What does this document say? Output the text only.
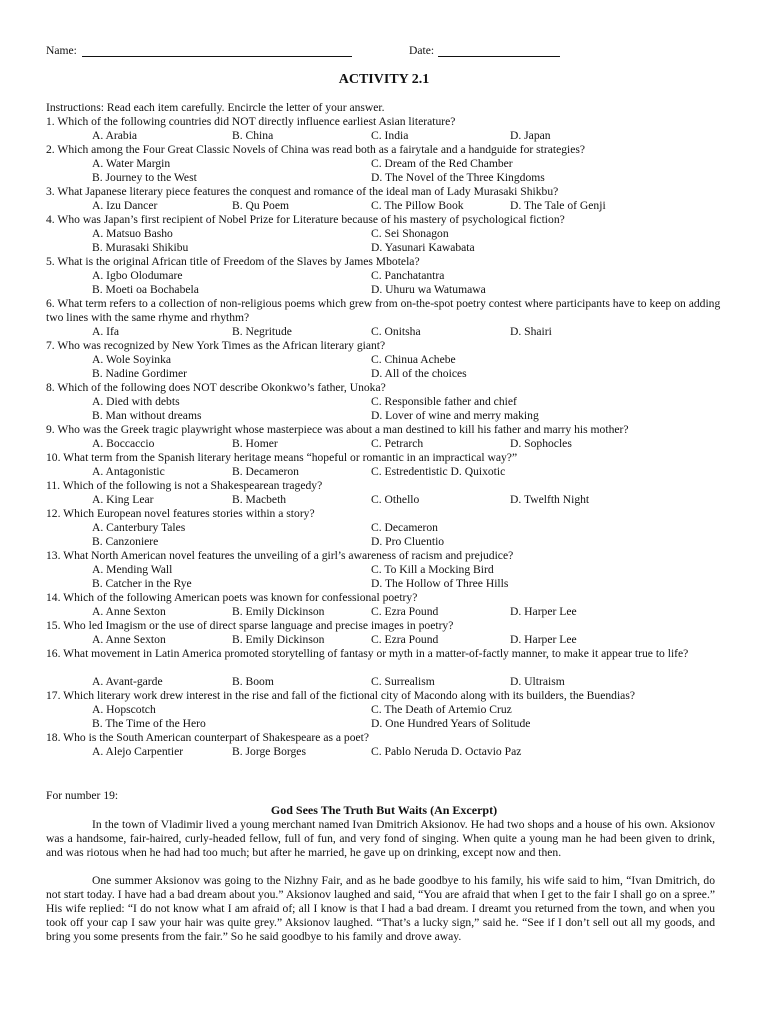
Name:	Date:
ACTIVITY 2.1
Instructions: Read each item carefully. Encircle the letter of your answer.
1. Which of the following countries did NOT directly influence earliest Asian literature?
A. Arabia	B. China	C. India	D. Japan
2. Which among the Four Great Classic Novels of China was read both as a fairytale and a handguide for strategies?
A. Water Margin	C. Dream of the Red Chamber
B. Journey to the West	D. The Novel of the Three Kingdoms
3. What Japanese literary piece features the conquest and romance of the ideal man of Lady Murasaki Shikbu?
A. Izu Dancer	B. Qu Poem	C. The Pillow Book	D. The Tale of Genji
4. Who was Japan’s first recipient of Nobel Prize for Literature because of his mastery of psychological fiction?
A. Matsuo Basho	C. Sei Shonagon
B. Murasaki Shikibu	D. Yasunari Kawabata
5. What is the original African title of Freedom of the Slaves by James Mbotela?
A. Igbo Olodumare	C. Panchatantra
B. Moeti oa Bochabela	D. Uhuru wa Watumawa
6. What term refers to a collection of non-religious poems which grew from on-the-spot poetry contest where participants have to keep on adding two lines with the same rhyme and rhythm?
A. Ifa	B. Negritude	C. Onitsha	D. Shairi
7. Who was recognized by New York Times as the African literary giant?
A. Wole Soyinka	C. Chinua Achebe
B. Nadine Gordimer	D. All of the choices
8. Which of the following does NOT describe Okonkwo’s father, Unoka?
A. Died with debts	C. Responsible father and chief
B. Man without dreams	D. Lover of wine and merry making
9. Who was the Greek tragic playwright whose masterpiece was about a man destined to kill his father and marry his mother?
A. Boccaccio	B. Homer	C. Petrarch	D. Sophocles
10. What term from the Spanish literary heritage means “hopeful or romantic in an impractical way?”
A. Antagonistic	B. Decameron	C. Estredentistic D. Quixotic
11. Which of the following is not a Shakespearean tragedy?
A. King Lear	B. Macbeth	C. Othello	D. Twelfth Night
12. Which European novel features stories within a story?
A. Canterbury Tales	C. Decameron
B. Canzoniere	D. Pro Cluentio
13. What North American novel features the unveiling of a girl’s awareness of racism and prejudice?
A. Mending Wall	C. To Kill a Mocking Bird
B. Catcher in the Rye	D. The Hollow of Three Hills
14. Which of the following American poets was known for confessional poetry?
A. Anne Sexton	B. Emily Dickinson	C. Ezra Pound	D. Harper Lee
15. Who led Imagism or the use of direct sparse language and precise images in poetry?
A. Anne Sexton	B. Emily Dickinson	C. Ezra Pound	D. Harper Lee
16. What movement in Latin America promoted storytelling of fantasy or myth in a matter-of-factly manner, to make it appear true to life?
A. Avant-garde	B. Boom	C. Surrealism	D. Ultraism
17. Which literary work drew interest in the rise and fall of the fictional city of Macondo along with its builders, the Buendias?
A. Hopscotch	C. The Death of Artemio Cruz
B. The Time of the Hero	D. One Hundred Years of Solitude
18. Who is the South American counterpart of Shakespeare as a poet?
A. Alejo Carpentier	B. Jorge Borges	C. Pablo Neruda D. Octavio Paz
For number 19:
God Sees The Truth But Waits (An Excerpt)
In the town of Vladimir lived a young merchant named Ivan Dmitrich Aksionov. He had two shops and a house of his own. Aksionov was a handsome, fair-haired, curly-headed fellow, full of fun, and very fond of singing. When quite a young man he had been given to drink, and was riotous when he had had too much; but after he married, he gave up on drinking, except now and then.
One summer Aksionov was going to the Nizhny Fair, and as he bade goodbye to his family, his wife said to him, “Ivan Dmitrich, do not start today. I have had a bad dream about you.” Aksionov laughed and said, “You are afraid that when I get to the fair I shall go on a spree.” His wife replied: “I do not know what I am afraid of; all I know is that I had a bad dream. I dreamt you returned from the town, and when you took off your cap I saw your hair was quite grey.” Aksionov laughed. “That’s a lucky sign,” said he. “See if I don’t sell out all my goods, and bring you some presents from the fair.” So he said goodbye to his family and drove away.
